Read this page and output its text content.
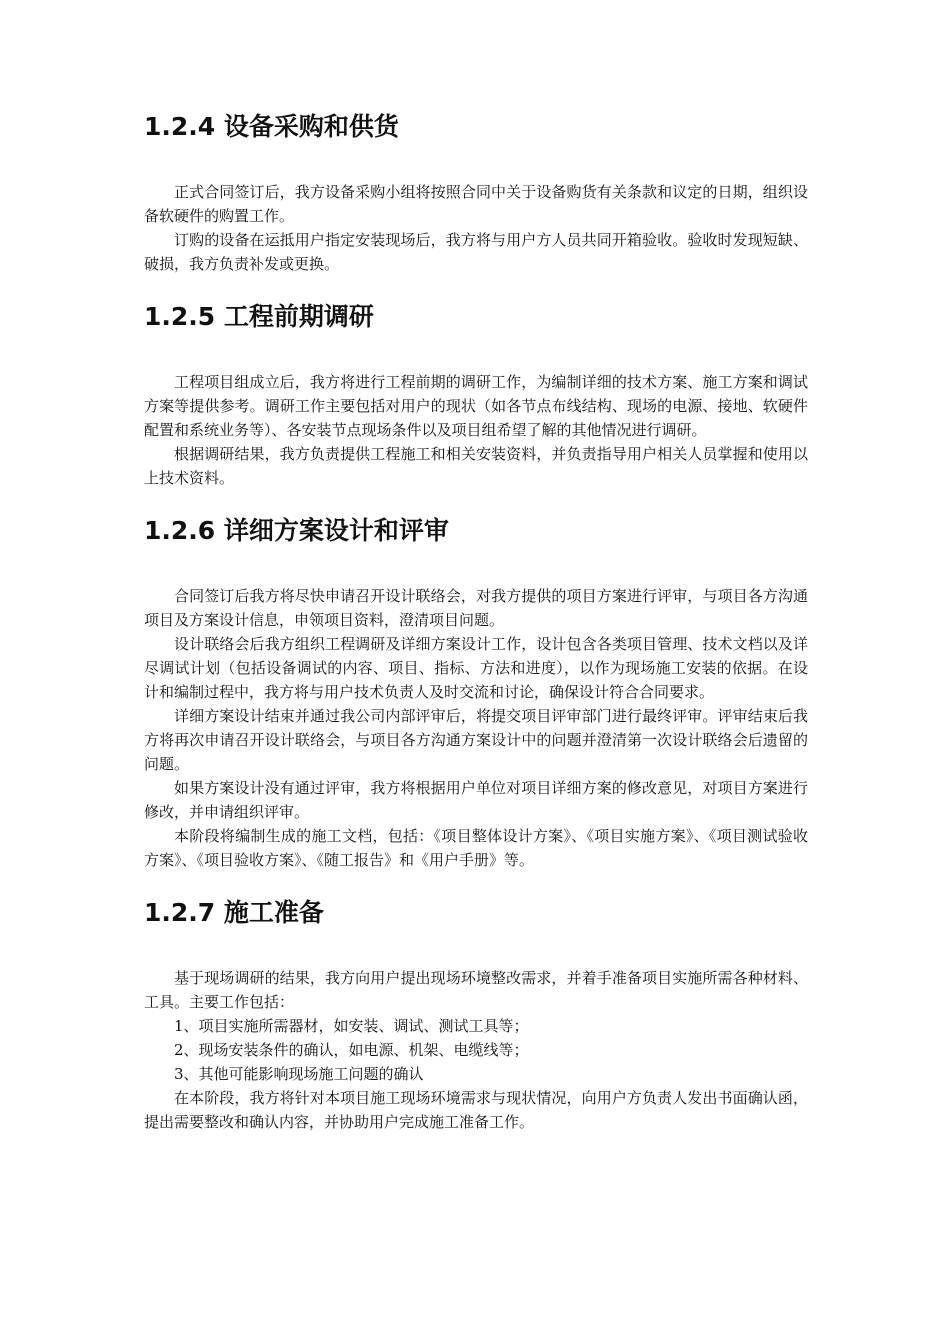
1.2.4 设备采购和供货

正式合同签订后，我方设备采购小组将按照合同中关于设备购货有关条款和议定的日期，组织设备软硬件的购置工作。

订购的设备在运抵用户指定安装现场后，我方将与用户方人员共同开箱验收。验收时发现短缺、破损，我方负责补发或更换。

1.2.5 工程前期调研

工程项目组成立后，我方将进行工程前期的调研工作，为编制详细的技术方案、施工方案和调试方案等提供参考。调研工作主要包括对用户的现状（如各节点布线结构、现场的电源、接地、软硬件配置和系统业务等）、各安装节点现场条件以及项目组希望了解的其他情况进行调研。

根据调研结果，我方负责提供工程施工和相关安装资料，并负责指导用户相关人员掌握和使用以上技术资料。

1.2.6 详细方案设计和评审

合同签订后我方将尽快申请召开设计联络会，对我方提供的项目方案进行评审，与项目各方沟通项目及方案设计信息，申领项目资料，澄清项目问题。

设计联络会后我方组织工程调研及详细方案设计工作，设计包含各类项目管理、技术文档以及详尽调试计划（包括设备调试的内容、项目、指标、方法和进度），以作为现场施工安装的依据。在设计和编制过程中，我方将与用户技术负责人及时交流和讨论，确保设计符合合同要求。

详细方案设计结束并通过我公司内部评审后，将提交项目评审部门进行最终评审。评审结束后我方将再次申请召开设计联络会，与项目各方沟通方案设计中的问题并澄清第一次设计联络会后遗留的问题。

如果方案设计没有通过评审，我方将根据用户单位对项目详细方案的修改意见，对项目方案进行修改，并申请组织评审。

本阶段将编制生成的施工文档，包括：《项目整体设计方案》、《项目实施方案》、《项目测试验收方案》、《项目验收方案》、《随工报告》和《用户手册》等。

1.2.7 施工准备

基于现场调研的结果，我方向用户提出现场环境整改需求，并着手准备项目实施所需各种材料、工具。主要工作包括：

1、项目实施所需器材，如安装、调试、测试工具等；

2、现场安装条件的确认，如电源、机架、电缆线等；

3、其他可能影响现场施工问题的确认

在本阶段，我方将针对本项目施工现场环境需求与现状情况，向用户方负责人发出书面确认函，提出需要整改和确认内容，并协助用户完成施工准备工作。
